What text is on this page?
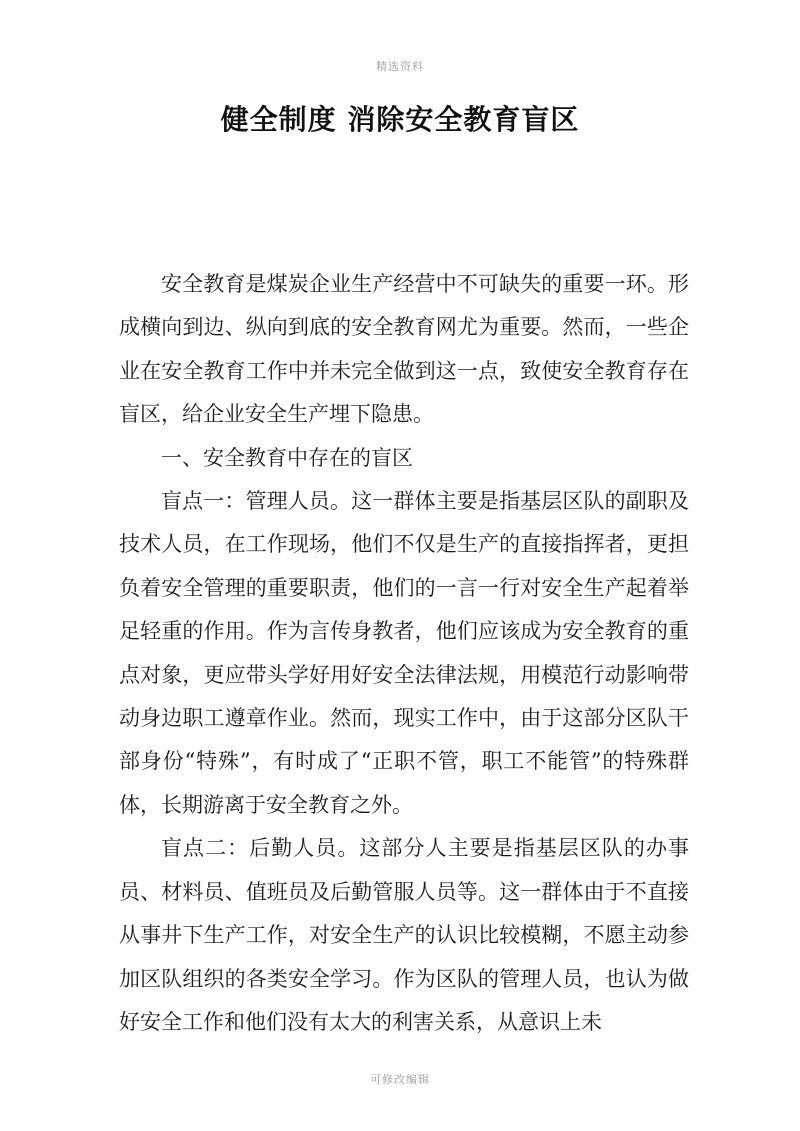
精选资料
健全制度 消除安全教育盲区

安全教育是煤炭企业生产经营中不可缺失的重要一环。形成横向到边、纵向到底的安全教育网尤为重要。然而，一些企业在安全教育工作中并未完全做到这一点，致使安全教育存在盲区，给企业安全生产埋下隐患。

一、安全教育中存在的盲区

盲点一：管理人员。这一群体主要是指基层区队的副职及技术人员，在工作现场，他们不仅是生产的直接指挥者，更担负着安全管理的重要职责，他们的一言一行对安全生产起着举足轻重的作用。作为言传身教者，他们应该成为安全教育的重点对象，更应带头学好用好安全法律法规，用模范行动影响带动身边职工遵章作业。然而，现实工作中，由于这部分区队干部身份“特殊”，有时成了“正职不管，职工不能管”的特殊群体，长期游离于安全教育之外。

盲点二：后勤人员。这部分人主要是指基层区队的办事员、材料员、值班员及后勤管服人员等。这一群体由于不直接从事井下生产工作，对安全生产的认识比较模糊，不愿主动参加区队组织的各类安全学习。作为区队的管理人员，也认为做好安全工作和他们没有太大的利害关系，从意识上未

可修改编辑
